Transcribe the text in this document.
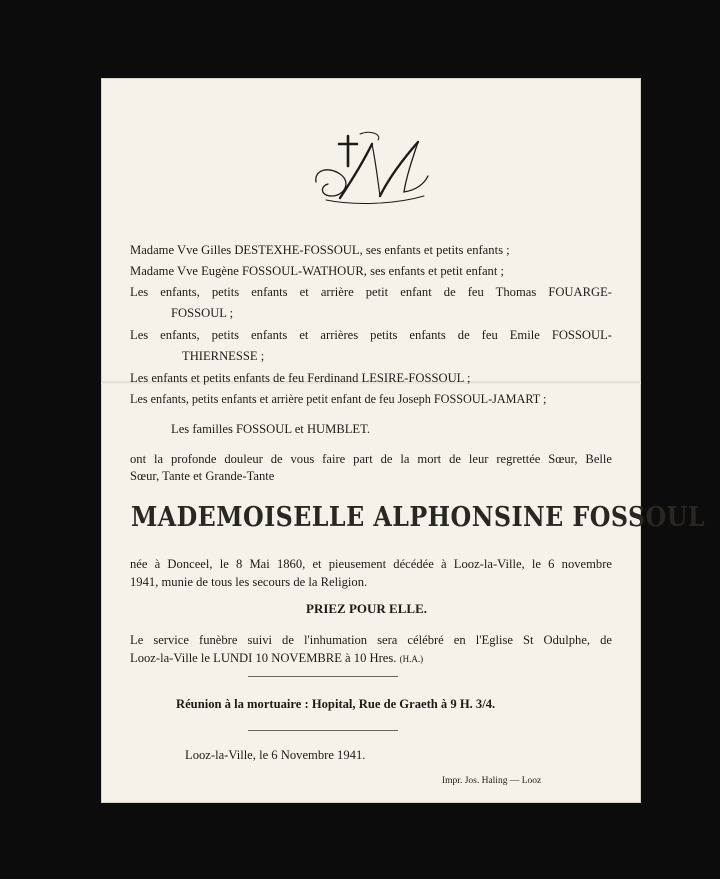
Madame Vve Gilles DESTEXHE-FOSSOUL, ses enfants et petits enfants ;
Madame Vve Eugène FOSSOUL-WATHOUR, ses enfants et petit enfant ;
Les enfants, petits enfants et arrière petit enfant de feu Thomas FOUARGE-
FOSSOUL ;
Les enfants, petits enfants et arrières petits enfants de feu Emile FOSSOUL-
THIERNESSE ;
Les enfants et petits enfants de feu Ferdinand LESIRE-FOSSOUL ;
Les enfants, petits enfants et arrière petit enfant de feu Joseph FOSSOUL-JAMART ;
Les familles FOSSOUL et HUMBLET.
ont la profonde douleur de vous faire part de la mort de leur regrettée Sœur, Belle
Sœur, Tante et Grande-Tante
MADEMOISELLE ALPHONSINE FOSSOUL
née à Donceel, le 8 Mai 1860, et pieusement décédée à Looz-la-Ville, le 6 novembre
1941, munie de tous les secours de la Religion.
PRIEZ POUR ELLE.
Le service funèbre suivi de l'inhumation sera célébré en l'Eglise St Odulphe, de
Looz-la-Ville le LUNDI 10 NOVEMBRE à 10 Hres. (H.A.)
Réunion à la mortuaire : Hopital, Rue de Graeth à 9 H. 3/4.
Looz-la-Ville, le 6 Novembre 1941.
Impr. Jos. Haling — Looz
